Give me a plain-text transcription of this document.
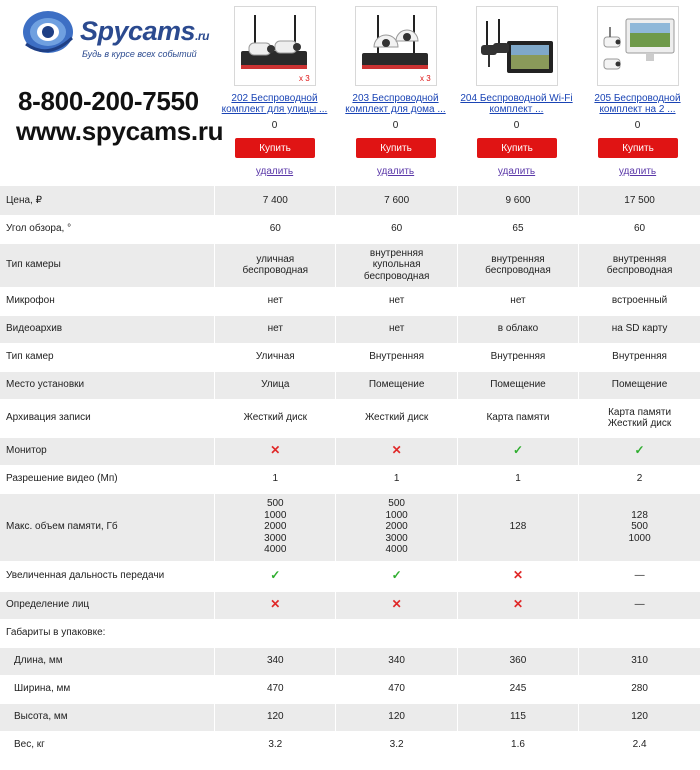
Spycams.ru
Будь в курсе всех событий
8-800-200-7550
www.spycams.ru
x 3
202 Беспроводной комплект для улицы ...
0
Купить
удалить
x 3
203 Беспроводной комплект для дома ...
0
Купить
удалить
204 Беспроводной Wi-Fi комплект ...
0
Купить
удалить
205 Беспроводной комплект на 2 ...
0
Купить
удалить
Цена, ₽	7 400	7 600	9 600	17 500

Угол обзора, °	60	60	65	60

Тип камеры	уличная
беспроводная	внутренняя
купольная
беспроводная	внутренняя
беспроводная	внутренняя
беспроводная

Микрофон	нет	нет	нет	встроенный

Видеоархив	нет	нет	в облако	на SD карту

Тип камер	Уличная	Внутренняя	Внутренняя	Внутренняя

Место установки	Улица	Помещение	Помещение	Помещение

Архивация записи	Жесткий диск	Жесткий диск	Карта памяти	Карта памяти
Жесткий диск

Монитор	✕	✕	✓	✓

Разрешение видео (Мп)	1	1	1	2

Макс. объем памяти, Гб	500
1000
2000
3000
4000	500
1000
2000
3000
4000	128	128
500
1000

Увеличенная дальность передачи	✓	✓	✕	—

Определение лиц	✕	✕	✕	—

Габариты в упаковке:	

Длина, мм	340	340	360	310

Ширина, мм	470	470	245	280

Высота, мм	120	120	115	120

Вес, кг	3.2	3.2	1.6	2.4
